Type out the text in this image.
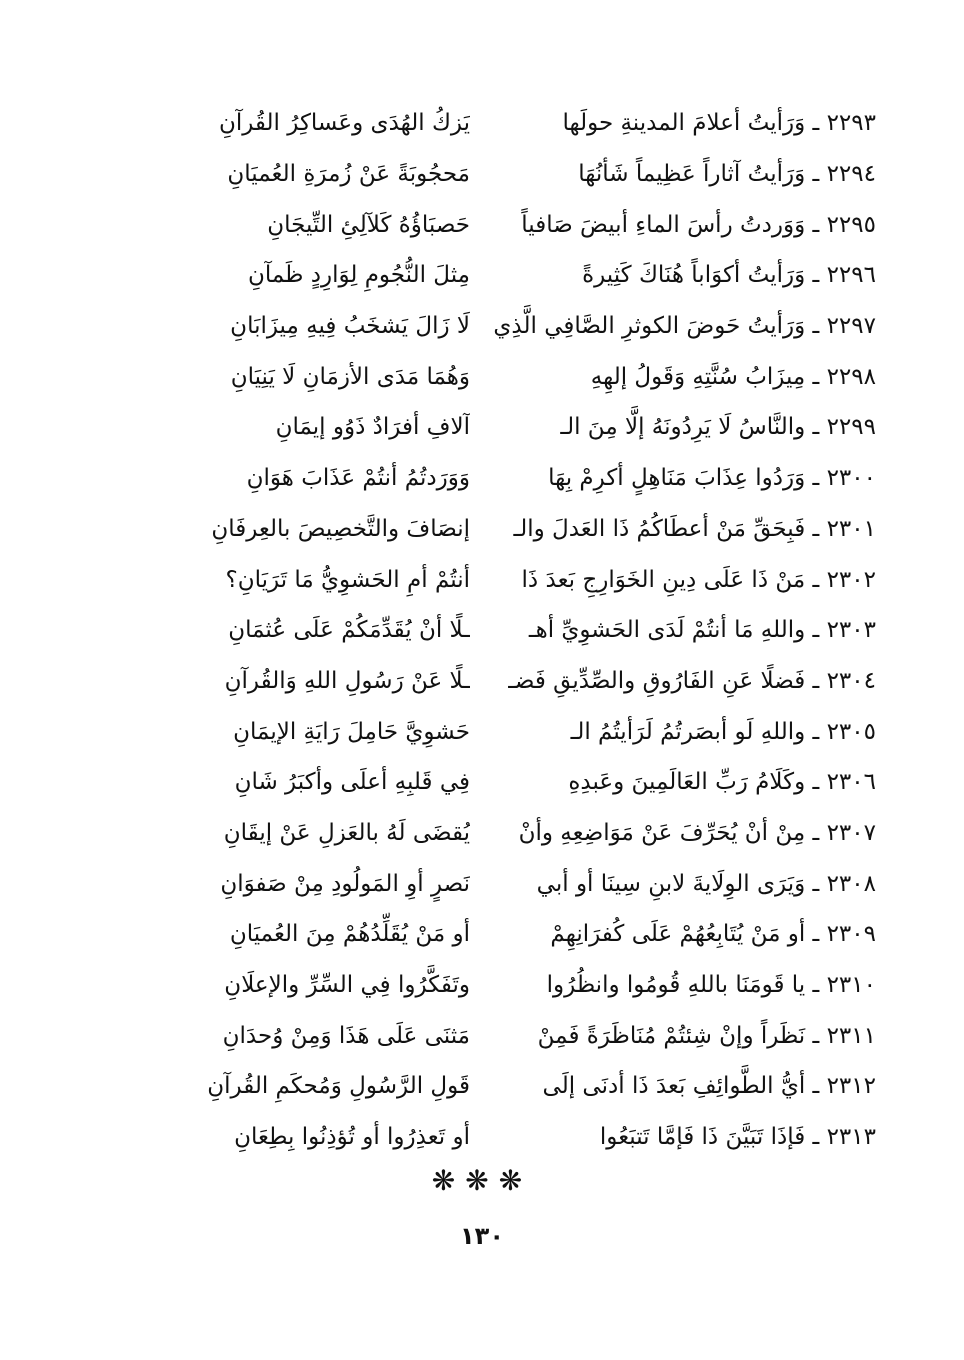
٢٢٩٣ ـ وَرَأيتُ أعلامَ المدينةِ حولَها
يَزكُ الهُدَى وعَساكِرُ القُرآنِ
٢٢٩٤ ـ وَرَأيتُ آثاراً عَظِيماً شَأنُهَا
مَحجُوبَةً عَنْ زُمرَةِ العُميَانِ
٢٢٩٥ ـ وَوَردتُ رأسَ الماءِ أبيضَ صَافياً
حَصبَاؤُهُ كَلآلِئِ التِّيجَانِ
٢٢٩٦ ـ وَرَأيتُ أكوَاباً هُنَاكَ كَثِيرةً
مِثلَ النُّجُومِ لِوَارِدٍ ظَمآنِ
٢٢٩٧ ـ وَرَأيتُ حَوضَ الكوثرِ الصَّافِي الَّذِي
لَا زَالَ يَشخَبُ فِيهِ مِيزَابَانِ
٢٢٩٨ ـ مِيزَابُ سُنَّتِهِ وَقَولُ إلهِهِ
وَهُمَا مَدَى الأزمَانِ لَا يَنِيَانِ
٢٢٩٩ ـ والنَّاسُ لَا يَرِدُونَهُ إلَّا مِنَ الـ
آلافِ أفرَادٌ ذَوُو إيمَانِ
٢٣٠٠ ـ وَرَدُوا عِذَابَ مَنَاهِلٍ أكرِمْ بِهَا
وَوَرَدتُمُ أنتُمْ عَذَابَ هَوَانِ
٢٣٠١ ـ فَبِحَقِّ مَنْ أعطَاكُمُ ذَا العَدلَ والـ
إنصَافَ والتَّخصِيصَ بالعِرفَانِ
٢٣٠٢ ـ مَنْ ذَا عَلَى دِينِ الخَوَارِجِ بَعدَ ذَا
أنتُمْ أمِ الحَشوِيُّ مَا تَرَيَانِ؟
٢٣٠٣ ـ واللهِ مَا أنتُمْ لَدَى الحَشوِيِّ أهـ
ـلًا أنْ يُقَدِّمَكُمْ عَلَى عُثمَانِ
٢٣٠٤ ـ فَضلًا عَنِ الفَارُوقِ والصِّدِّيقِ فَضـ
ـلًا عَنْ رَسُولِ اللهِ وَالقُرآنِ
٢٣٠٥ ـ واللهِ لَو أبصَرتُمُ لَرَأيتُمُ الـ
حَشوِيَّ حَامِلَ رَايَةِ الإيمَانِ
٢٣٠٦ ـ وكَلَامُ رَبِّ العَالَمِينَ وعَبدِهِ
فِي قَلبِهِ أعلَى وأكبَرُ شَانِ
٢٣٠٧ ـ مِنْ أنْ يُحَرِّفَ عَنْ مَوَاضِعِهِ وأنْ
يُقضَى لَهُ بالعَزلِ عَنْ إيقَانِ
٢٣٠٨ ـ وَيَرَى الوِلَايةَ لابنِ سِينَا أو أبي
نَصرٍ أوِ المَولُودِ مِنْ صَفوَانِ
٢٣٠٩ ـ أو مَنْ يُتَابِعُهُمْ عَلَى كُفرَانِهِمْ
أو مَنْ يُقَلِّدُهُمْ مِنَ العُميَانِ
٢٣١٠ ـ يا قَومَنَا باللهِ قُومُوا وانظُرُوا
وتَفَكَّرُوا فِي السِّرِّ والإعلَانِ
٢٣١١ ـ نَظَراً وإنْ شِئتُمْ مُنَاظَرَةً فَمِنْ
مَثنَى عَلَى هَذَا وَمِنْ وُحدَانِ
٢٣١٢ ـ أيُّ الطَّوائِفِ بَعدَ ذَا أدنَى إلَى
قَولِ الرَّسُولِ وَمُحكَمِ القُرآنِ
٢٣١٣ ـ فَإذَا تَبَيَّنَ ذَا فَإمَّا تَتبَعُوا
أو تَعذِرُوا أو تُؤذِنُوا بِطِعَانِ
❋❋❋
١٣٠
